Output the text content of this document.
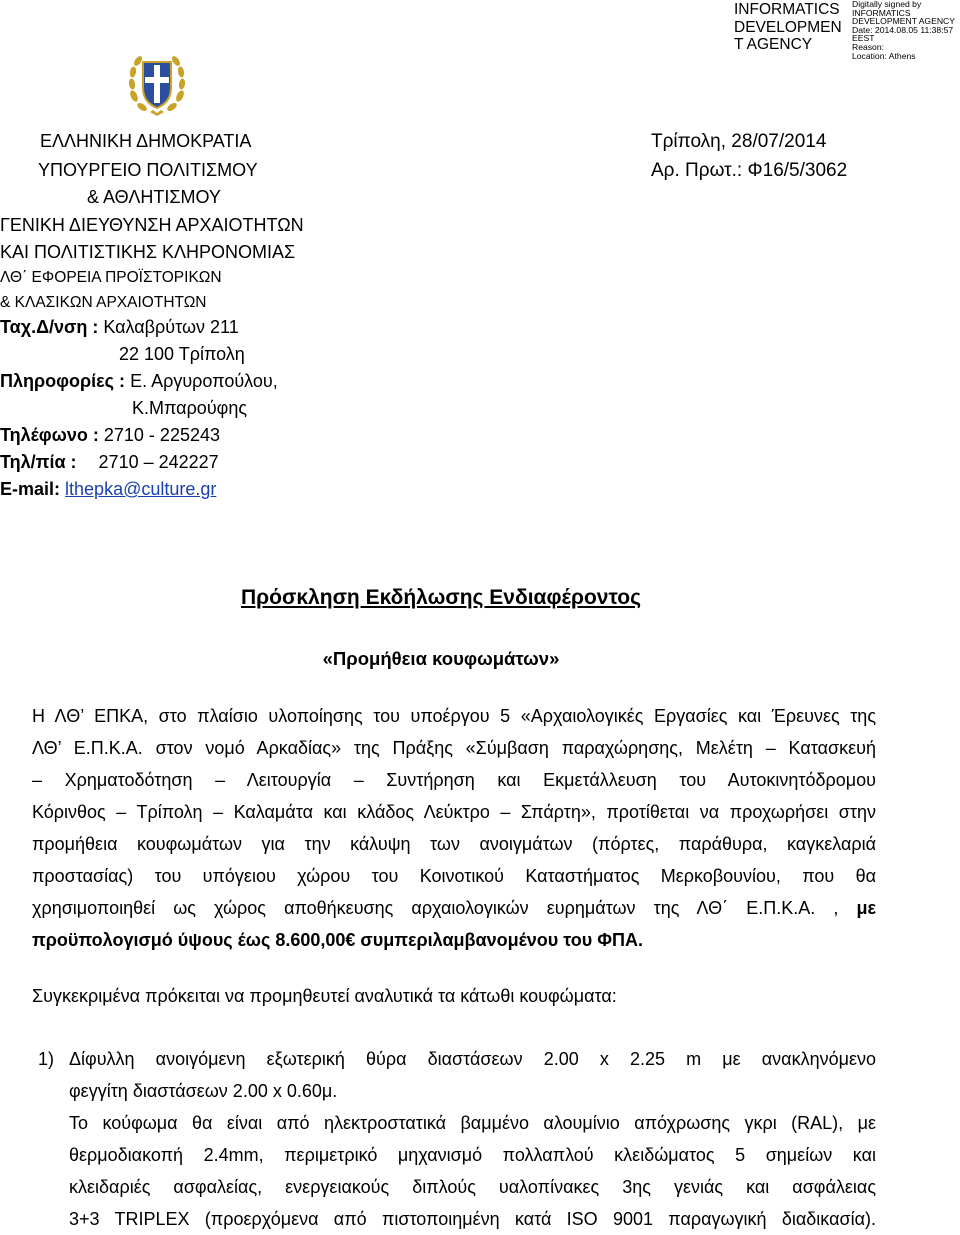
INFORMATICS
DEVELOPMEN
T AGENCY
Digitally signed by
INFORMATICS
DEVELOPMENT AGENCY
Date: 2014.08.05 11:38:57
EEST
Reason:
Location: Athens
ΕΛΛΗΝΙΚΗ ΔΗΜΟΚΡΑΤΙΑ
ΥΠΟΥΡΓΕΙΟ ΠΟΛΙΤΙΣΜΟΥ
& ΑΘΛΗΤΙΣΜΟΥ
ΓΕΝΙΚΗ ΔΙΕΥΘΥΝΣΗ ΑΡΧΑΙΟΤΗΤΩΝ
ΚΑΙ ΠΟΛΙΤΙΣΤΙΚΗΣ ΚΛΗΡΟΝΟΜΙΑΣ
ΛΘ΄ ΕΦΟΡΕΙΑ ΠΡΟΪΣΤΟΡΙΚΩΝ
& ΚΛΑΣΙΚΩΝ ΑΡΧΑΙΟΤΗΤΩΝ
Ταχ.Δ/νση : Καλαβρύτων 211
22 100 Τρίπολη
Πληροφορίες : Ε. Αργυροπούλου,
Κ.Μπαρούφης
Τηλέφωνο : 2710 - 225243
Τηλ/πία : 2710 – 242227
E-mail: lthepka@culture.gr
Τρίπολη, 28/07/2014
Αρ. Πρωτ.: Φ16/5/3062
Πρόσκληση Εκδήλωσης Ενδιαφέροντος
«Προμήθεια κουφωμάτων»
Η ΛΘ’ ΕΠΚΑ, στο πλαίσιο υλοποίησης του υποέργου 5 «Αρχαιολογικές Εργασίες και Έρευνες της
ΛΘ’ Ε.Π.Κ.Α. στον νομό Αρκαδίας» της Πράξης «Σύμβαση παραχώρησης, Μελέτη – Κατασκευή
– Χρηματοδότηση – Λειτουργία – Συντήρηση και Εκμετάλλευση του Αυτοκινητόδρομου
Κόρινθος – Τρίπολη – Καλαμάτα και κλάδος Λεύκτρο – Σπάρτη», προτίθεται να προχωρήσει στην
προμήθεια κουφωμάτων για την κάλυψη των ανοιγμάτων (πόρτες, παράθυρα, καγκελαριά
προστασίας) του υπόγειου χώρου του Κοινοτικού Καταστήματος Μερκοβουνίου, που θα
χρησιμοποιηθεί ως χώρος αποθήκευσης αρχαιολογικών ευρημάτων της ΛΘ΄ Ε.Π.Κ.Α. , με
προϋπολογισμό ύψους έως 8.600,00€ συμπεριλαμβανομένου του ΦΠΑ.
Συγκεκριμένα πρόκειται να προμηθευτεί αναλυτικά τα κάτωθι κουφώματα:
1) Δίφυλλη ανοιγόμενη εξωτερική θύρα διαστάσεων 2.00 x 2.25 m με ανακληνόμενο
φεγγίτη διαστάσεων 2.00 x 0.60μ.
Το κούφωμα θα είναι από ηλεκτροστατικά βαμμένο αλουμίνιο απόχρωσης γκρι (RAL), με
θερμοδιακοπή 2.4mm, περιμετρικό μηχανισμό πολλαπλού κλειδώματος 5 σημείων και
κλειδαριές ασφαλείας, ενεργειακούς διπλούς υαλοπίνακες 3ης γενιάς και ασφάλειας
3+3 TRIPLEX (προερχόμενα από πιστοποιημένη κατά ISO 9001 παραγωγική διαδικασία).
